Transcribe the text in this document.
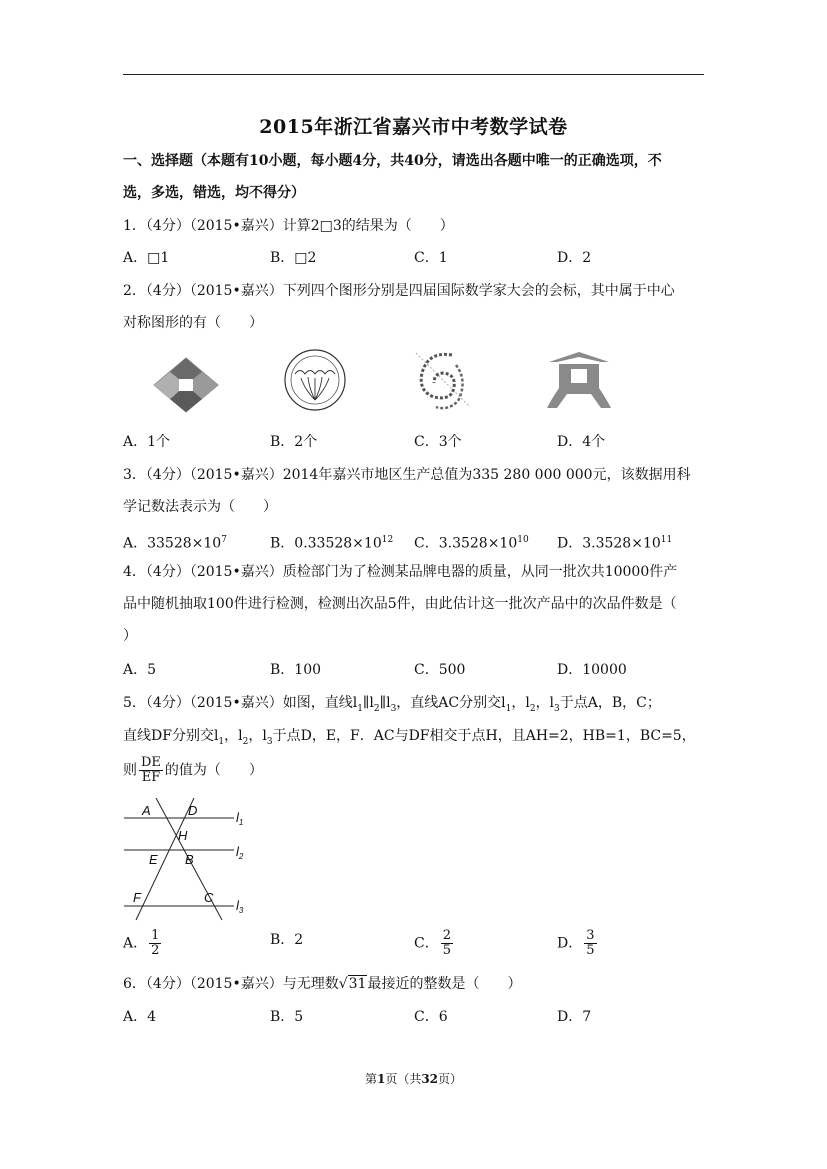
2015年浙江省嘉兴市中考数学试卷
一、选择题（本题有10小题，每小题4分，共40分，请选出各题中唯一的正确选项，不
选，多选，错选，均不得分）
1．（4分）（2015•嘉兴）计算2□3的结果为（　　）
A．□1	B．□2	C．1	D．2
2．（4分）（2015•嘉兴）下列四个图形分别是四届国际数学家大会的会标，其中属于中心
对称图形的有（　　）
A．1个	B．2个	C．3个	D．4个
3．（4分）（2015•嘉兴）2014年嘉兴市地区生产总值为335 280 000 000元，该数据用科
学记数法表示为（　　）
A．$33528\times 10^7$	B．$0.33528\times 10^{12}$ C．$3.3528\times 10^{10}$ D．$3.3528\times 10^{11}$
4．（4分）（2015•嘉兴）质检部门为了检测某品牌电器的质量，从同一批次共10000件产
品中随机抽取100件进行检测，检测出次品5件，由此估计这一批次产品中的次品件数是（
）
A．5	B．100	C．500	D．10000
5．（4分）（2015•嘉兴）如图，直线$l_1\parallel l_2\parallel l_3$，直线AC分别交$l_1$，$l_2$，$l_3$于点A，B，C；
直线DF分别交$l_1$，$l_2$，$l_3$于点D，E，F．AC与DF相交于点H，且AH=2，HB=1，BC=5，
则 $\frac{DE}{EF}$ 的值为（　　）
A	D
H
E B
F	C
$l_1$
$l_2$
$l_3$
A． $\frac{1}{2}$	B．2	C． $\frac{2}{5}$	D． $\frac{3}{5}$
6．（4分）（2015•嘉兴）与无理数√31最接近的整数是（　　）
A．4	B．5	C．6	D．7
第1页（共32页）
